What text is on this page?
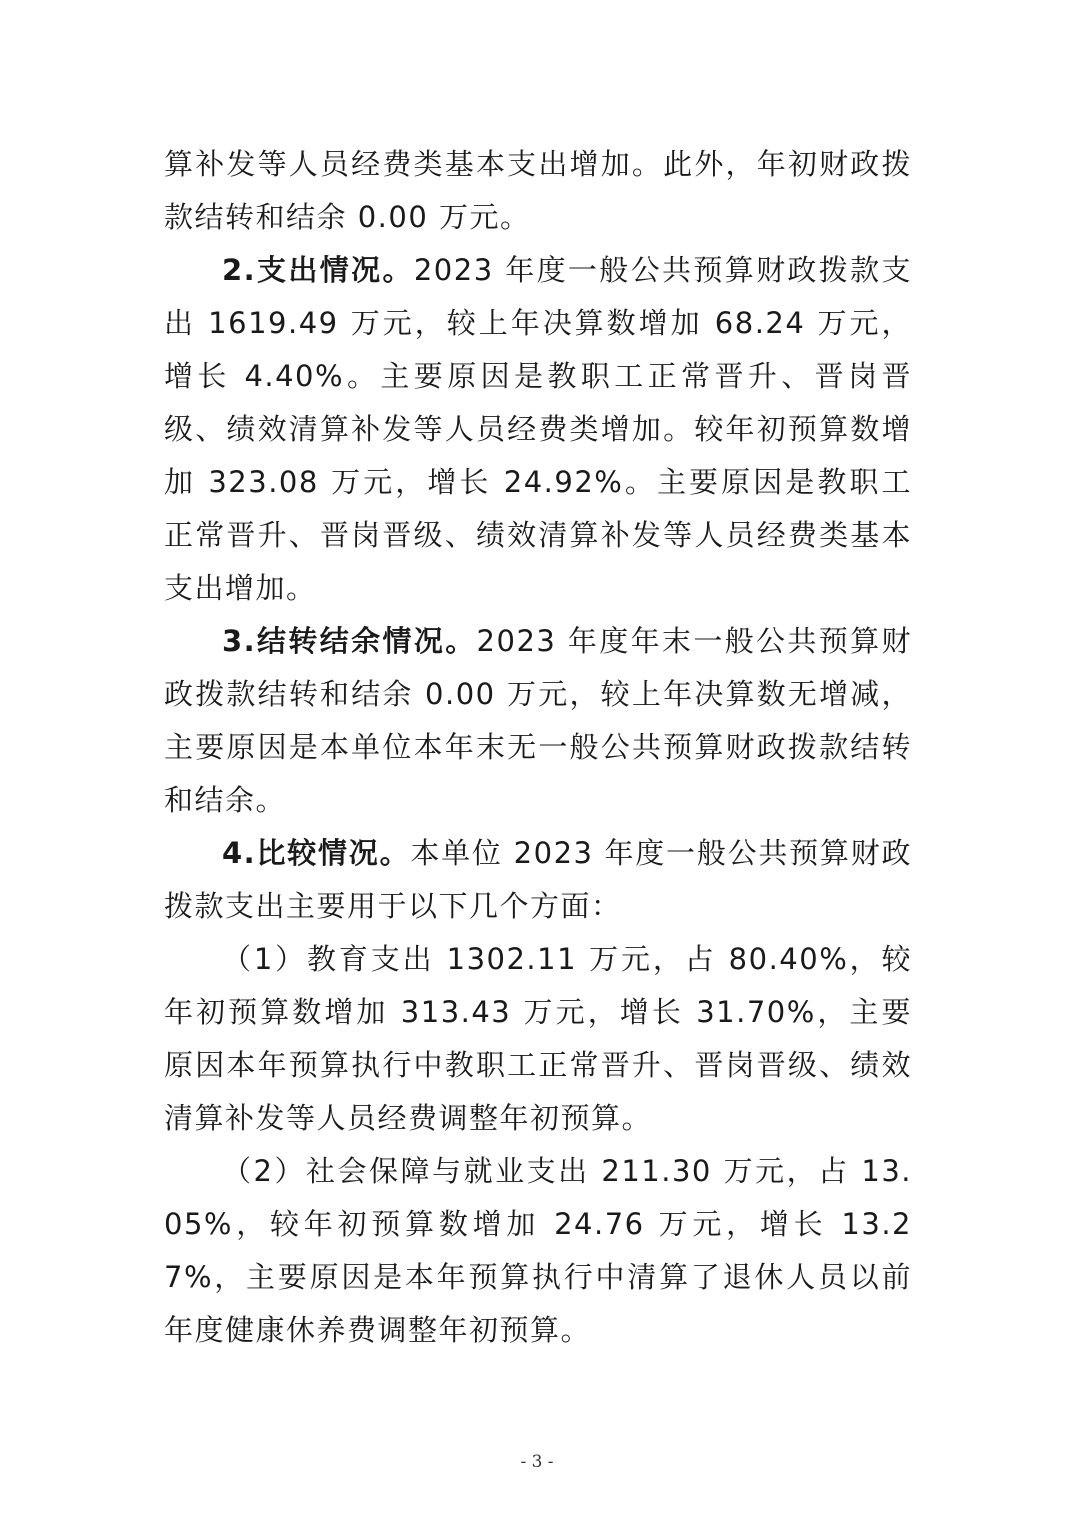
算补发等人员经费类基本支出增加。此外，年初财政拨款结转和结余 0.00 万元。

2.支出情况。2023 年度一般公共预算财政拨款支出 1619.49 万元，较上年决算数增加 68.24 万元，增长 4.40%。主要原因是教职工正常晋升、晋岗晋级、绩效清算补发等人员经费类增加。较年初预算数增加 323.08 万元，增长 24.92%。主要原因是教职工正常晋升、晋岗晋级、绩效清算补发等人员经费类基本支出增加。

3.结转结余情况。2023 年度年末一般公共预算财政拨款结转和结余 0.00 万元，较上年决算数无增减，主要原因是本单位本年末无一般公共预算财政拨款结转和结余。

4.比较情况。本单位 2023 年度一般公共预算财政拨款支出主要用于以下几个方面：

（1）教育支出 1302.11 万元，占 80.40%，较年初预算数增加 313.43 万元，增长 31.70%，主要原因本年预算执行中教职工正常晋升、晋岗晋级、绩效清算补发等人员经费调整年初预算。

（2）社会保障与就业支出 211.30 万元，占 13.05%，较年初预算数增加 24.76 万元，增长 13.27%，主要原因是本年预算执行中清算了退休人员以前年度健康休养费调整年初预算。

- 3 -
